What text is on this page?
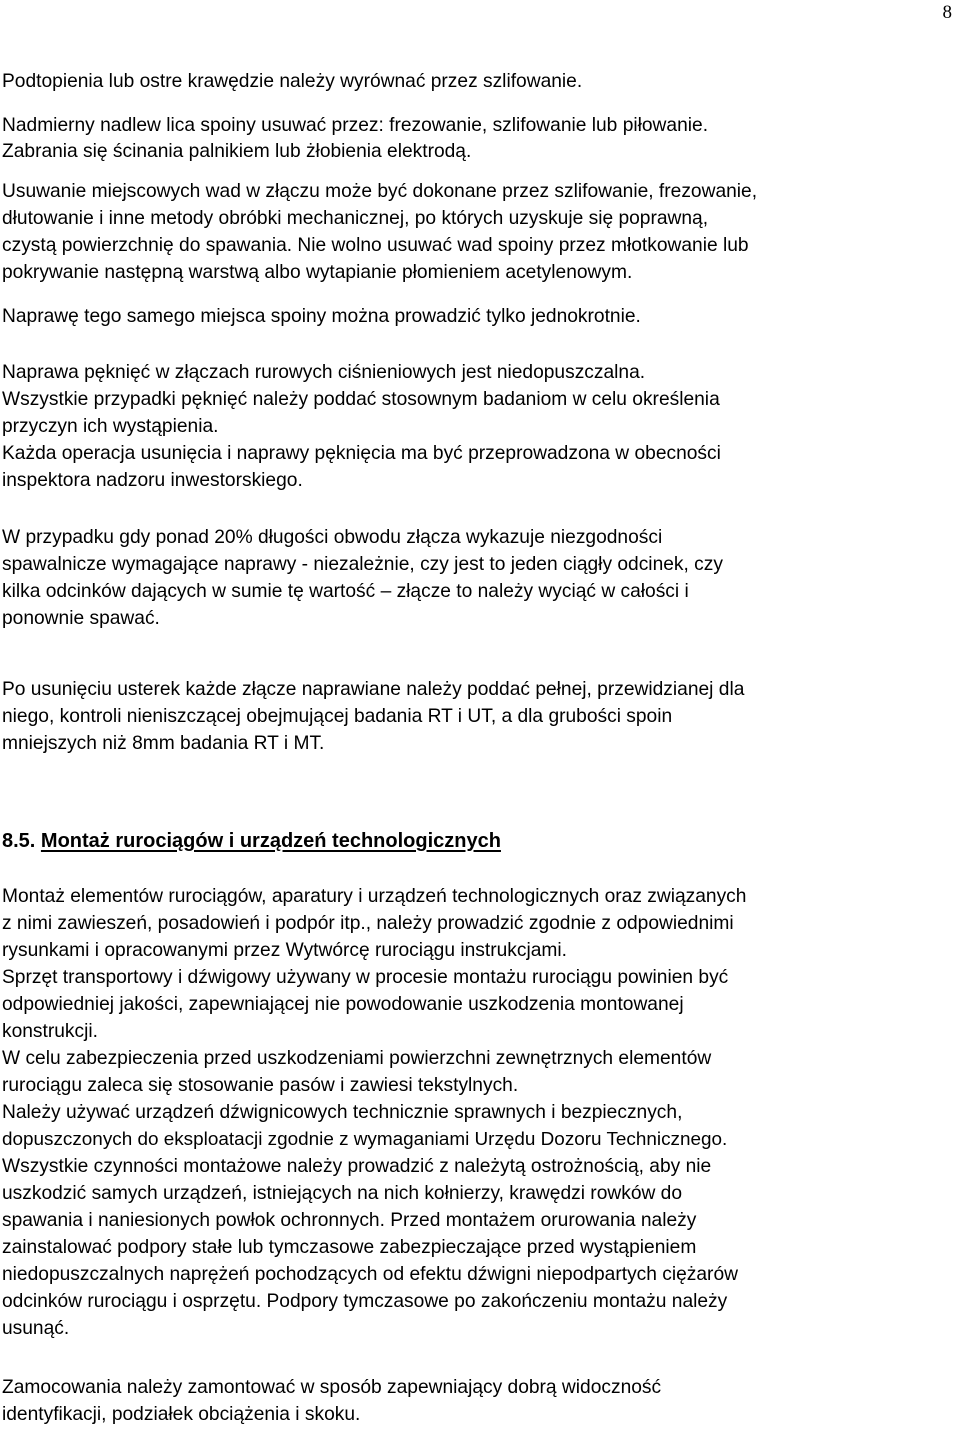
8

Podtopienia lub ostre krawędzie należy wyrównać przez szlifowanie.

Nadmierny nadlew lica spoiny usuwać przez: frezowanie, szlifowanie lub piłowanie.

Zabrania się ścinania palnikiem lub żłobienia elektrodą.

Usuwanie miejscowych wad w złączu może być dokonane przez szlifowanie, frezowanie,

dłutowanie i inne metody obróbki mechanicznej, po których uzyskuje się poprawną,

czystą powierzchnię do spawania. Nie wolno usuwać wad spoiny przez młotkowanie lub

pokrywanie następną warstwą albo wytapianie płomieniem acetylenowym.

Naprawę tego samego miejsca spoiny można prowadzić tylko jednokrotnie.

Naprawa pęknięć w złączach rurowych ciśnieniowych jest niedopuszczalna.

Wszystkie przypadki pęknięć należy poddać stosownym badaniom w celu określenia

przyczyn ich wystąpienia.

Każda operacja usunięcia i naprawy pęknięcia ma być przeprowadzona w obecności

inspektora nadzoru inwestorskiego.

W przypadku gdy ponad 20% długości obwodu złącza wykazuje niezgodności

spawalnicze wymagające naprawy - niezależnie, czy jest to jeden ciągły odcinek, czy

kilka odcinków dających w sumie tę wartość – złącze to należy wyciąć w całości i

ponownie spawać.

Po usunięciu usterek każde złącze naprawiane należy poddać pełnej, przewidzianej dla

niego, kontroli nieniszczącej obejmującej badania RT i UT, a dla grubości spoin

mniejszych niż 8mm badania RT i MT.

8.5. Montaż rurociągów i urządzeń technologicznych

Montaż elementów rurociągów, aparatury i urządzeń technologicznych oraz związanych

z nimi zawieszeń, posadowień i podpór itp., należy prowadzić zgodnie z odpowiednimi

rysunkami i opracowanymi przez Wytwórcę rurociągu instrukcjami.

Sprzęt transportowy i dźwigowy używany w procesie montażu rurociągu powinien być

odpowiedniej jakości, zapewniającej nie powodowanie uszkodzenia montowanej

konstrukcji.

W celu zabezpieczenia przed uszkodzeniami powierzchni zewnętrznych elementów

rurociągu zaleca się stosowanie pasów i zawiesi tekstylnych.

Należy używać urządzeń dźwignicowych technicznie sprawnych i bezpiecznych,

dopuszczonych do eksploatacji zgodnie z wymaganiami Urzędu Dozoru Technicznego.

Wszystkie czynności montażowe należy prowadzić z należytą ostrożnością, aby nie

uszkodzić samych urządzeń, istniejących na nich kołnierzy, krawędzi rowków do

spawania i naniesionych powłok ochronnych. Przed montażem orurowania należy

zainstalować podpory stałe lub tymczasowe zabezpieczające przed wystąpieniem

niedopuszczalnych naprężeń pochodzących od efektu dźwigni niepodpartych ciężarów

odcinków rurociągu i osprzętu. Podpory tymczasowe po zakończeniu montażu należy

usunąć.

Zamocowania należy zamontować w sposób zapewniający dobrą widoczność

identyfikacji, podziałek obciążenia i skoku.
